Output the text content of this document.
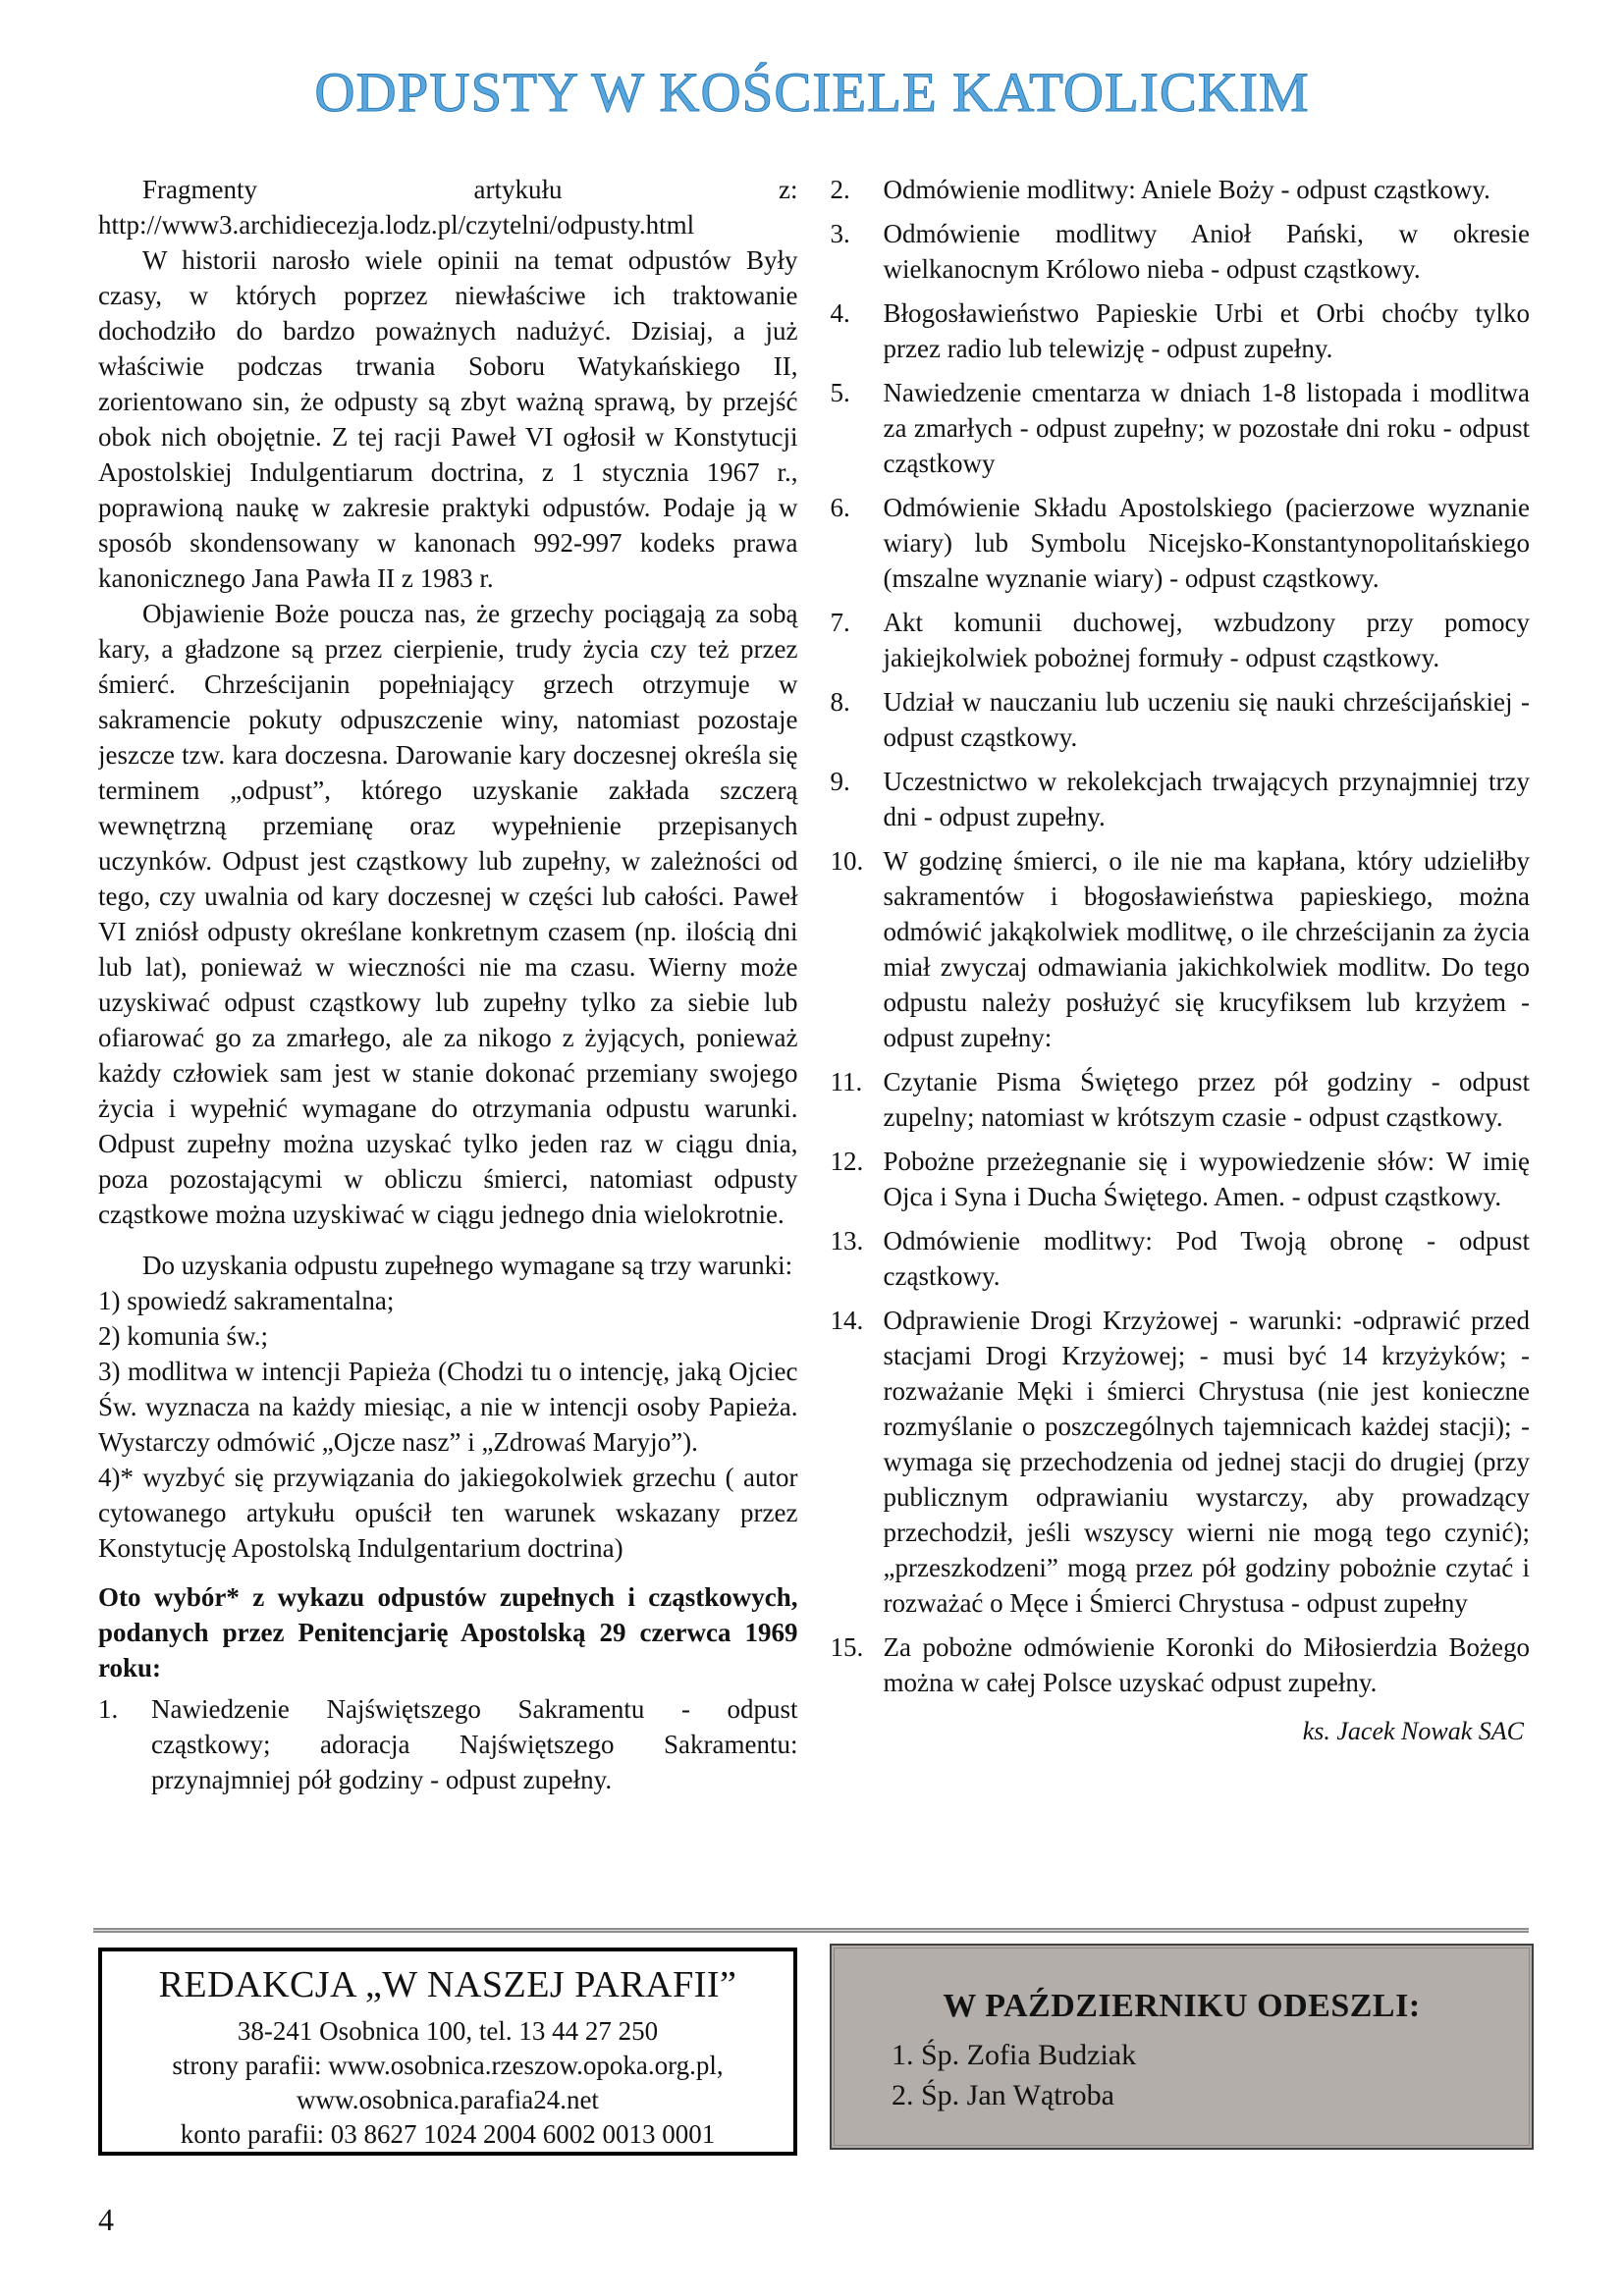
ODPUSTY W KOŚCIELE KATOLICKIM

Fragmenty artykułu z: http://www3.archidiecezja.lodz.pl/czytelni/odpusty.html

W historii narosło wiele opinii na temat odpustów Były czasy, w których poprzez niewłaściwe ich traktowanie dochodziło do bardzo poważnych nadużyć. Dzisiaj, a już właściwie podczas trwania Soboru Watykańskiego II, zorientowano sin, że odpusty są zbyt ważną sprawą, by przejść obok nich obojętnie. Z tej racji Paweł VI ogłosił w Konstytucji Apostolskiej Indulgentiarum doctrina, z 1 stycznia 1967 r., poprawioną naukę w zakresie praktyki odpustów. Podaje ją w sposób skondensowany w kanonach 992-997 kodeks prawa kanonicznego Jana Pawła II z 1983 r.

Objawienie Boże poucza nas, że grzechy pociągają za sobą kary, a gładzone są przez cierpienie, trudy życia czy też przez śmierć. Chrześcijanin popełniający grzech otrzymuje w sakramencie pokuty odpuszczenie winy, natomiast pozostaje jeszcze tzw. kara doczesna. Darowanie kary doczesnej określa się terminem „odpust”, którego uzyskanie zakłada szczerą wewnętrzną przemianę oraz wypełnienie przepisanych uczynków. Odpust jest cząstkowy lub zupełny, w zależności od tego, czy uwalnia od kary doczesnej w części lub całości. Paweł VI zniósł odpusty określane konkretnym czasem (np. ilością dni lub lat), ponieważ w wieczności nie ma czasu. Wierny może uzyskiwać odpust cząstkowy lub zupełny tylko za siebie lub ofiarować go za zmarłego, ale za nikogo z żyjących, ponieważ każdy człowiek sam jest w stanie dokonać przemiany swojego życia i wypełnić wymagane do otrzymania odpustu warunki. Odpust zupełny można uzyskać tylko jeden raz w ciągu dnia, poza pozostającymi w obliczu śmierci, natomiast odpusty cząstkowe można uzyskiwać w ciągu jednego dnia wielokrotnie.

Do uzyskania odpustu zupełnego wymagane są trzy warunki:

1) spowiedź sakramentalna;

2) komunia św.;

3) modlitwa w intencji Papieża (Chodzi tu o intencję, jaką Ojciec Św. wyznacza na każdy miesiąc, a nie w intencji osoby Papieża. Wystarczy odmówić „Ojcze nasz” i „Zdrowaś Maryjo”).

4)* wyzbyć się przywiązania do jakiegokolwiek grzechu ( autor cytowanego artykułu opuścił ten warunek wskazany przez Konstytucję Apostolską Indulgentarium doctrina)

Oto wybór* z wykazu odpustów zupełnych i cząstkowych, podanych przez Penitencjarię Apostolską 29 czerwca 1969 roku:

1. Nawiedzenie Najświętszego Sakramentu - odpust cząstkowy; adoracja Najświętszego Sakramentu: przynajmniej pół godziny - odpust zupełny.
2. Odmówienie modlitwy: Aniele Boży - odpust cząstkowy.
3. Odmówienie modlitwy Anioł Pański, w okresie wielkanocnym Królowo nieba - odpust cząstkowy.
4. Błogosławieństwo Papieskie Urbi et Orbi choćby tylko przez radio lub telewizję - odpust zupełny.
5. Nawiedzenie cmentarza w dniach 1-8 listopada i modlitwa za zmarłych - odpust zupełny; w pozostałe dni roku - odpust cząstkowy
6. Odmówienie Składu Apostolskiego (pacierzowe wyznanie wiary) lub Symbolu Nicejsko-Konstantynopolitańskiego (mszalne wyznanie wiary) - odpust cząstkowy.
7. Akt komunii duchowej, wzbudzony przy pomocy jakiejkolwiek pobożnej formuły - odpust cząstkowy.
8. Udział w nauczaniu lub uczeniu się nauki chrześcijańskiej - odpust cząstkowy.
9. Uczestnictwo w rekolekcjach trwających przynajmniej trzy dni - odpust zupełny.
10. W godzinę śmierci, o ile nie ma kapłana, który udzieliłby sakramentów i błogosławieństwa papieskiego, można odmówić jakąkolwiek modlitwę, o ile chrześcijanin za życia miał zwyczaj odmawiania jakichkolwiek modlitw. Do tego odpustu należy posłużyć się krucyfiksem lub krzyżem - odpust zupełny:
11. Czytanie Pisma Świętego przez pół godziny - odpust zupelny; natomiast w krótszym czasie - odpust cząstkowy.
12. Pobożne przeżegnanie się i wypowiedzenie słów: W imię Ojca i Syna i Ducha Świętego. Amen. - odpust cząstkowy.
13. Odmówienie modlitwy: Pod Twoją obronę - odpust cząstkowy.
14. Odprawienie Drogi Krzyżowej - warunki: -odprawić przed stacjami Drogi Krzyżowej; - musi być 14 krzyżyków; - rozważanie Męki i śmierci Chrystusa (nie jest konieczne rozmyślanie o poszczególnych tajemnicach każdej stacji); - wymaga się przechodzenia od jednej stacji do drugiej (przy publicznym odprawianiu wystarczy, aby prowadzący przechodził, jeśli wszyscy wierni nie mogą tego czynić); „przeszkodzeni” mogą przez pół godziny pobożnie czytać i rozważać o Męce i Śmierci Chrystusa - odpust zupełny
15. Za pobożne odmówienie Koronki do Miłosierdzia Bożego można w całej Polsce uzyskać odpust zupełny.
ks. Jacek Nowak SAC
REDAKCJA „W NASZEJ PARAFII”
38-241 Osobnica 100, tel. 13 44 27 250
strony parafii: www.osobnica.rzeszow.opoka.org.pl,
www.osobnica.parafia24.net
konto parafii: 03 8627 1024 2004 6002 0013 0001
W PAŹDZIERNIKU ODESZLI:
1. Śp. Zofia Budziak
2. Śp. Jan Wątroba
4
